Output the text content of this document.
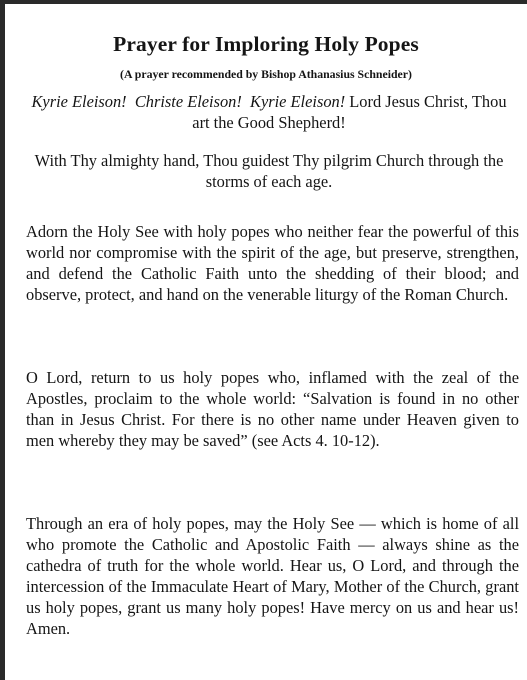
Prayer for Imploring Holy Popes
(A prayer recommended by Bishop Athanasius Schneider)
Kyrie Eleison! Christe Eleison! Kyrie Eleison! Lord Jesus Christ, Thou art the Good Shepherd!
With Thy almighty hand, Thou guidest Thy pilgrim Church through the storms of each age.
Adorn the Holy See with holy popes who neither fear the powerful of this world nor compromise with the spirit of the age, but preserve, strengthen, and defend the Catholic Faith unto the shedding of their blood; and observe, protect, and hand on the venerable liturgy of the Roman Church.
O Lord, return to us holy popes who, inflamed with the zeal of the Apostles, proclaim to the whole world: “Salvation is found in no other than in Jesus Christ. For there is no other name under Heaven given to men whereby they may be saved” (see Acts 4. 10-12).
Through an era of holy popes, may the Holy See — which is home of all who promote the Catholic and Apostolic Faith — always shine as the cathedra of truth for the whole world. Hear us, O Lord, and through the intercession of the Immaculate Heart of Mary, Mother of the Church, grant us holy popes, grant us many holy popes! Have mercy on us and hear us! Amen.
